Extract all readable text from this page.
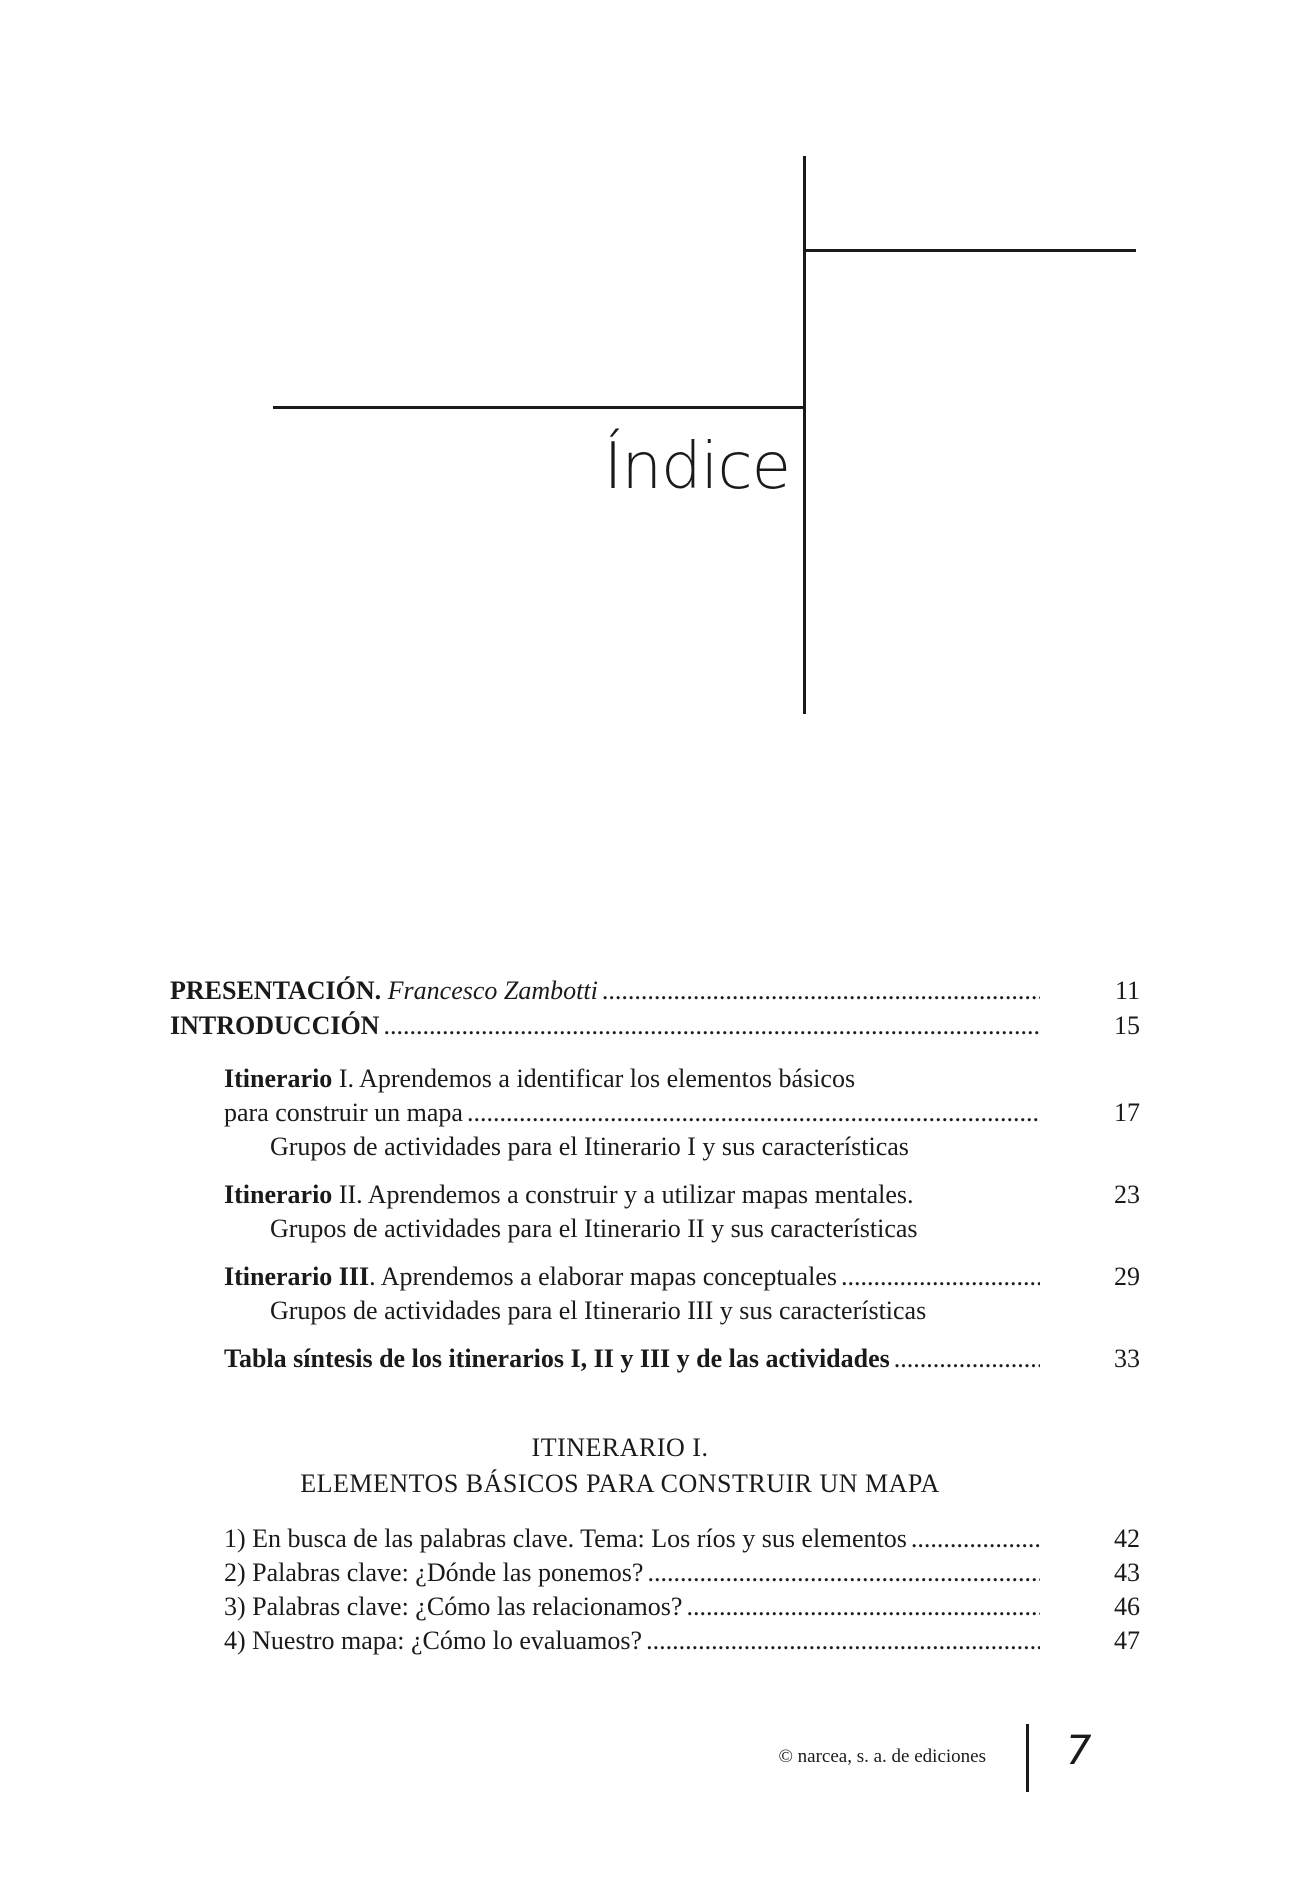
Índice
PRESENTACIÓN. Francesco Zambotti .....	11
INTRODUCCIÓN .....	15
Itinerario I. Aprendemos a identificar los elementos básicos
para construir un mapa .....	17
Grupos de actividades para el Itinerario I y sus características
Itinerario II. Aprendemos a construir y a utilizar mapas mentales.	23
Grupos de actividades para el Itinerario II y sus características
Itinerario III. Aprendemos a elaborar mapas conceptuales .....	29
Grupos de actividades para el Itinerario III y sus características
Tabla síntesis de los itinerarios I, II y III y de las actividades .....	33
ITINERARIO I.
ELEMENTOS BÁSICOS PARA CONSTRUIR UN MAPA
1) En busca de las palabras clave. Tema: Los ríos y sus elementos .....	42
2) Palabras clave: ¿Dónde las ponemos? .....	43
3) Palabras clave: ¿Cómo las relacionamos? .....	46
4) Nuestro mapa: ¿Cómo lo evaluamos? .....	47
© narcea, s. a. de ediciones 7
